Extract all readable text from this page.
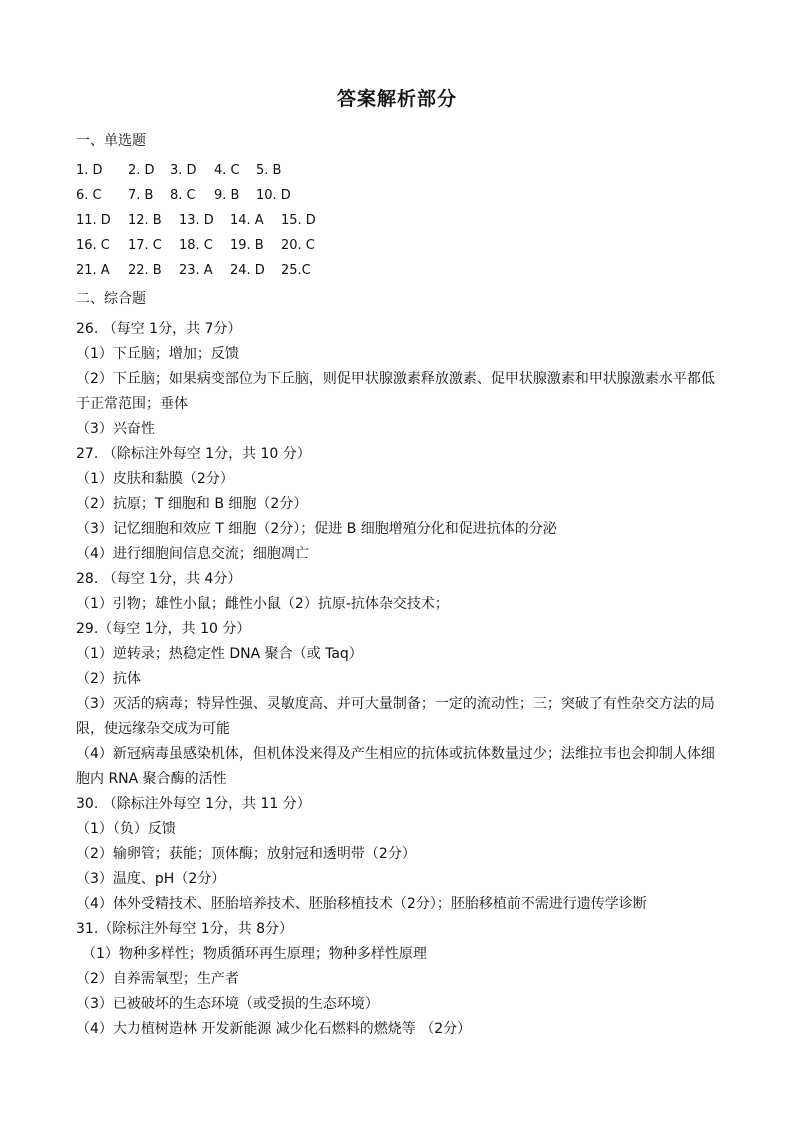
答案解析部分
一、单选题
1. D 2. D 3. D 4. C 5. B
6. C 7. B 8. C 9. B 10. D
11. D 12. B 13. D 14. A 15. D
16. C 17. C 18. C 19. B 20. C
21. A 22. B 23. A 24. D 25.C
二、综合题
26. （每空 1分，共 7分）
（1）下丘脑；增加；反馈
（2）下丘脑；如果病变部位为下丘脑，则促甲状腺激素释放激素、促甲状腺激素和甲状腺激素水平都低
于正常范围；垂体
（3）兴奋性
27. （除标注外每空 1分，共 10 分）
（1）皮肤和黏膜（2分）
（2）抗原；T 细胞和 B 细胞（2分）
（3）记忆细胞和效应 T 细胞（2分）；促进 B 细胞增殖分化和促进抗体的分泌
（4）进行细胞间信息交流；细胞凋亡
28. （每空 1分，共 4分）
（1）引物；雄性小鼠；雌性小鼠（2）抗原-抗体杂交技术；
29.（每空 1分，共 10 分）
（1）逆转录；热稳定性 DNA 聚合（或 Taq）
（2）抗体
（3）灭活的病毒；特异性强、灵敏度高、并可大量制备；一定的流动性；三；突破了有性杂交方法的局
限，使远缘杂交成为可能
（4）新冠病毒虽感染机体，但机体没来得及产生相应的抗体或抗体数量过少；法维拉韦也会抑制人体细
胞内 RNA 聚合酶的活性
30. （除标注外每空 1分，共 11 分）
（1）（负）反馈
（2）输卵管；获能；顶体酶；放射冠和透明带（2分）
（3）温度、pH（2分）
（4）体外受精技术、胚胎培养技术、胚胎移植技术（2分）；胚胎移植前不需进行遗传学诊断
31.（除标注外每空 1分，共 8分）
（1）物种多样性；物质循环再生原理；物种多样性原理
（2）自养需氧型；生产者
（3）已被破坏的生态环境（或受损的生态环境）
（4）大力植树造林 开发新能源 减少化石燃料的燃烧等 （2分）
